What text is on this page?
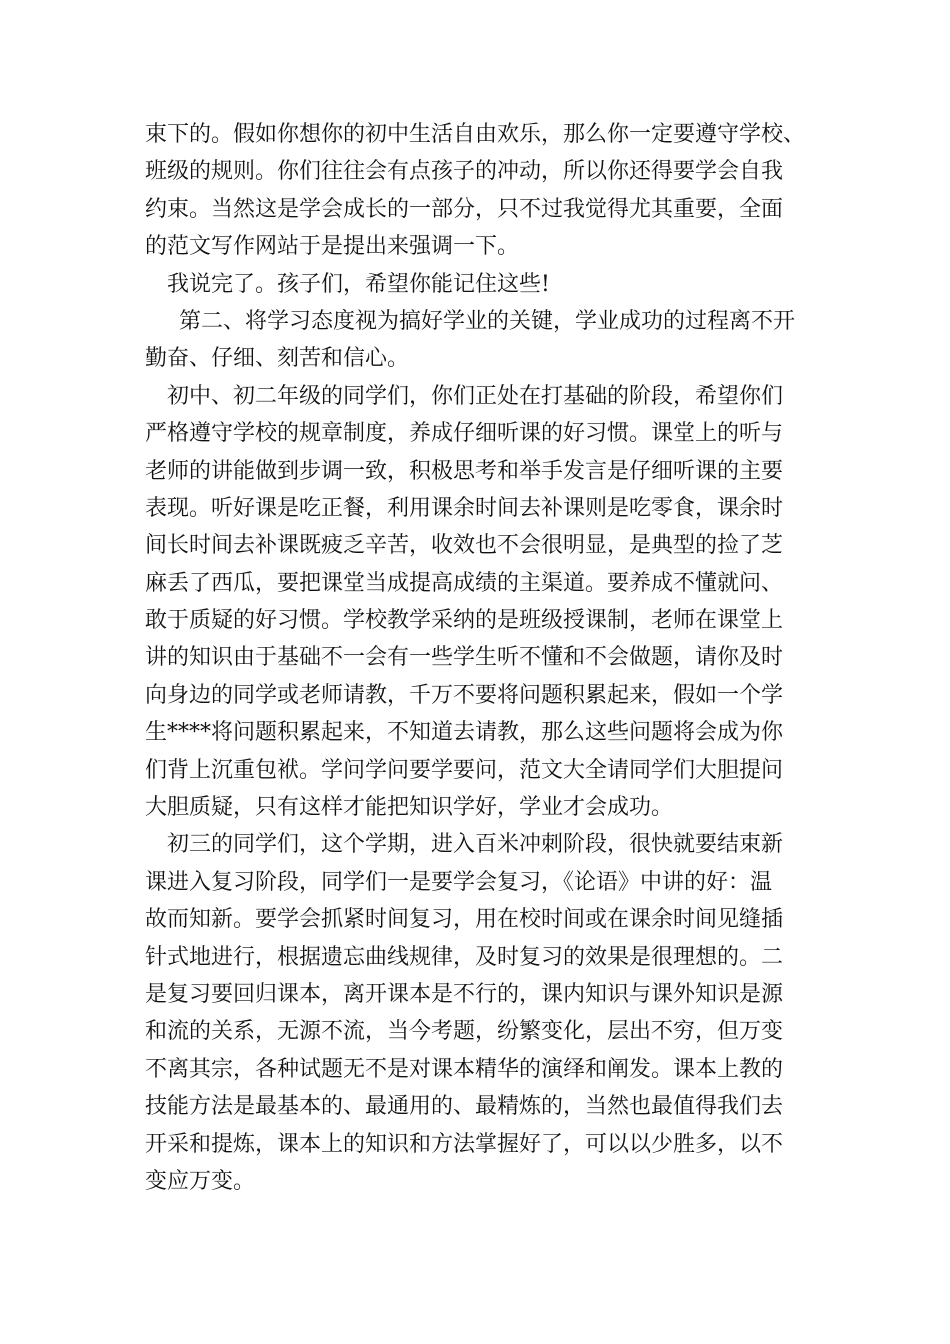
束下的。假如你想你的初中生活自由欢乐，那么你一定要遵守学校、
班级的规则。你们往往会有点孩子的冲动，所以你还得要学会自我
约束。当然这是学会成长的一部分，只不过我觉得尤其重要，全面
的范文写作网站于是提出来强调一下。
我说完了。孩子们，希望你能记住这些!
第二、将学习态度视为搞好学业的关键，学业成功的过程离不开
勤奋、仔细、刻苦和信心。
初中、初二年级的同学们，你们正处在打基础的阶段，希望你们
严格遵守学校的规章制度，养成仔细听课的好习惯。课堂上的听与
老师的讲能做到步调一致，积极思考和举手发言是仔细听课的主要
表现。听好课是吃正餐，利用课余时间去补课则是吃零食，课余时
间长时间去补课既疲乏辛苦，收效也不会很明显，是典型的捡了芝
麻丢了西瓜，要把课堂当成提高成绩的主渠道。要养成不懂就问、
敢于质疑的好习惯。学校教学采纳的是班级授课制，老师在课堂上
讲的知识由于基础不一会有一些学生听不懂和不会做题，请你及时
向身边的同学或老师请教，千万不要将问题积累起来，假如一个学
生****将问题积累起来，不知道去请教，那么这些问题将会成为你
们背上沉重包袱。学问学问要学要问，范文大全请同学们大胆提问
大胆质疑，只有这样才能把知识学好，学业才会成功。
初三的同学们，这个学期，进入百米冲刺阶段，很快就要结束新
课进入复习阶段，同学们一是要学会复习，《论语》中讲的好：温
故而知新。要学会抓紧时间复习，用在校时间或在课余时间见缝插
针式地进行，根据遗忘曲线规律，及时复习的效果是很理想的。二
是复习要回归课本，离开课本是不行的，课内知识与课外知识是源
和流的关系，无源不流，当今考题，纷繁变化，层出不穷，但万变
不离其宗，各种试题无不是对课本精华的演绎和阐发。课本上教的
技能方法是最基本的、最通用的、最精炼的，当然也最值得我们去
开采和提炼，课本上的知识和方法掌握好了，可以以少胜多，以不
变应万变。
